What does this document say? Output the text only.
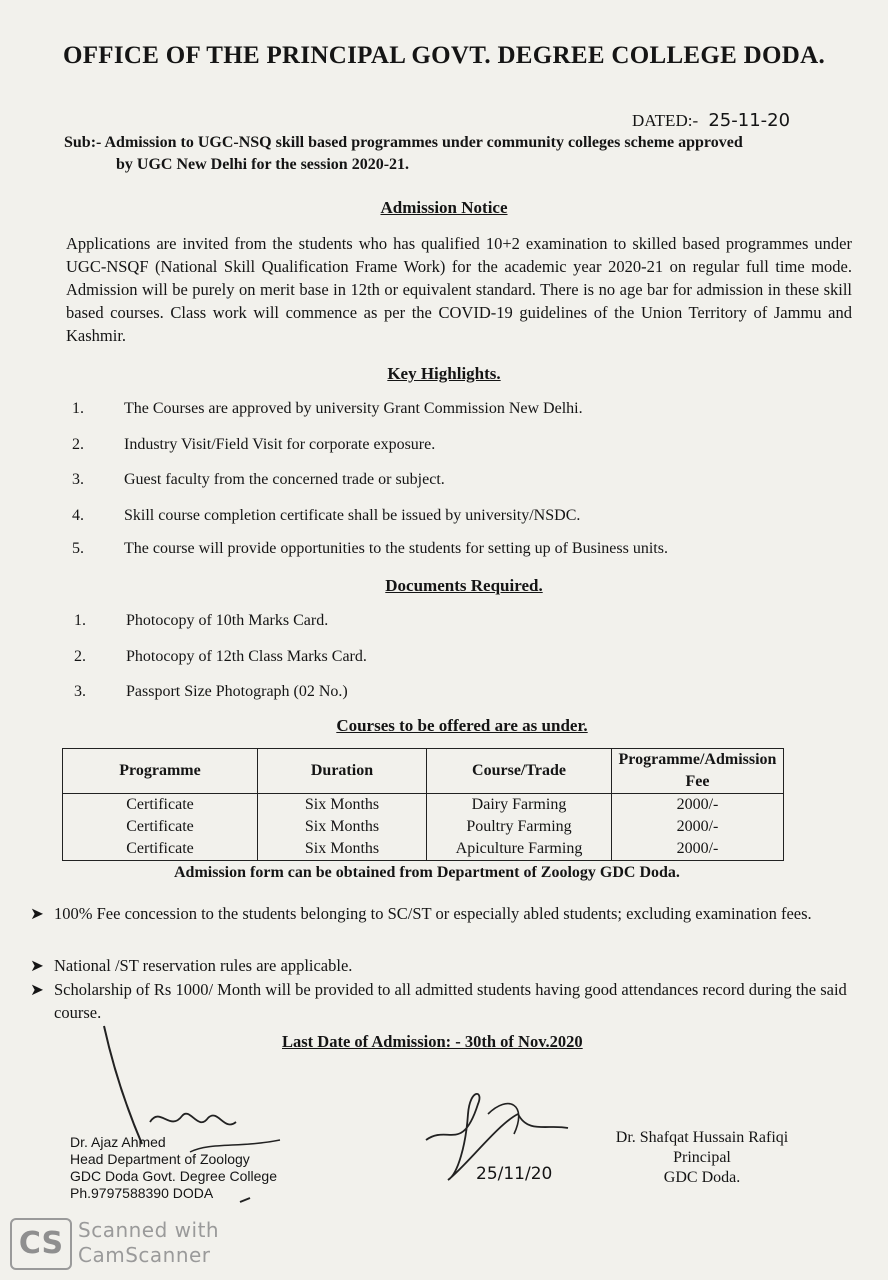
OFFICE OF THE PRINCIPAL GOVT. DEGREE COLLEGE DODA.
DATED:- 25-11-20
Sub:- Admission to UGC-NSQ skill based programmes under community colleges scheme approved
by UGC New Delhi for the session 2020-21.
Admission Notice
Applications are invited from the students who has qualified 10+2 examination to skilled based programmes under UGC-NSQF (National Skill Qualification Frame Work) for the academic year 2020-21 on regular full time mode. Admission will be purely on merit base in 12th or equivalent standard. There is no age bar for admission in these skill based courses. Class work will commence as per the COVID-19 guidelines of the Union Territory of Jammu and Kashmir.
Key Highlights.
1.	The Courses are approved by university Grant Commission New Delhi.
2.	Industry Visit/Field Visit for corporate exposure.
3.	Guest faculty from the concerned trade or subject.
4.	Skill course completion certificate shall be issued by university/NSDC.
5.	The course will provide opportunities to the students for setting up of Business units.
Documents Required.
1.	Photocopy of 10th Marks Card.
2.	Photocopy of 12th Class Marks Card.
3.	Passport Size Photograph (02 No.)
Courses to be offered are as under.
Programme	Duration	Course/Trade	Programme/Admission Fee
Certificate	Six Months	Dairy Farming	2000/-
Certificate	Six Months	Poultry Farming	2000/-
Certificate	Six Months	Apiculture Farming	2000/-
Admission form can be obtained from Department of Zoology GDC Doda.
➤ 100% Fee concession to the students belonging to SC/ST or especially abled students; excluding examination fees.
➤ National /ST reservation rules are applicable.
➤ Scholarship of Rs 1000/ Month will be provided to all admitted students having good attendances record during the said course.
Last Date of Admission: - 30th of Nov.2020
Dr. Ajaz Ahmed
Head Department of Zoology
GDC Doda Govt. Degree College
Ph.9797588390 DODA
25/11/20
Dr. Shafqat Hussain Rafiqi
Principal
GDC Doda.
CS Scanned with
CamScanner
